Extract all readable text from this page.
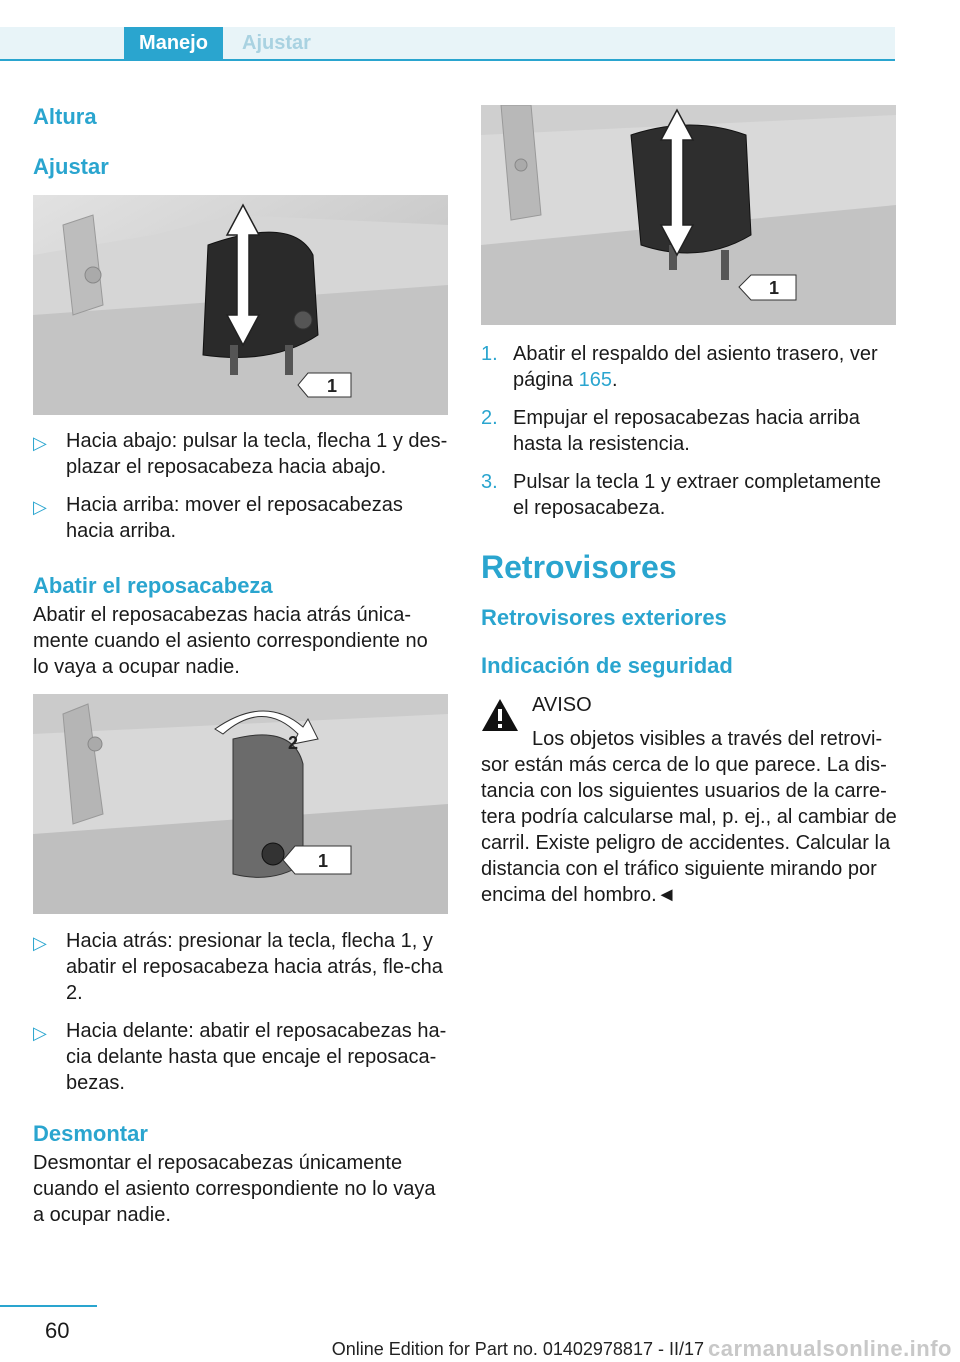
Manejo	Ajustar
Altura
Ajustar
1
▷ Hacia abajo: pulsar la tecla, flecha 1 y des-plazar el reposacabeza hacia abajo.
▷ Hacia arriba: mover el reposacabezas hacia arriba.
Abatir el reposacabeza

Abatir el reposacabezas hacia atrás única-mente cuando el asiento correspondiente no lo vaya a ocupar nadie.

2
1
▷ Hacia atrás: presionar la tecla, flecha 1, y abatir el reposacabeza hacia atrás, fle-cha 2.
▷ Hacia delante: abatir el reposacabezas ha-cia delante hasta que encaje el reposaca-bezas.
Desmontar

Desmontar el reposacabezas únicamente cuando el asiento correspondiente no lo vaya a ocupar nadie.

1
1. Abatir el respaldo del asiento trasero, ver página 165.
2. Empujar el reposacabezas hacia arriba hasta la resistencia.
3. Pulsar la tecla 1 y extraer completamente el reposacabeza.
Retrovisores
Retrovisores exteriores
Indicación de seguridad
AVISO
Los objetos visibles a través del retrovi-
sor están más cerca de lo que parece. La dis-
tancia con los siguientes usuarios de la carre-
tera podría calcularse mal, p. ej., al cambiar de
carril. Existe peligro de accidentes. Calcular la
distancia con el tráfico siguiente mirando por
encima del hombro.◄
60
Online Edition for Part no. 01402978817 - II/17 carmanualsonline.info
